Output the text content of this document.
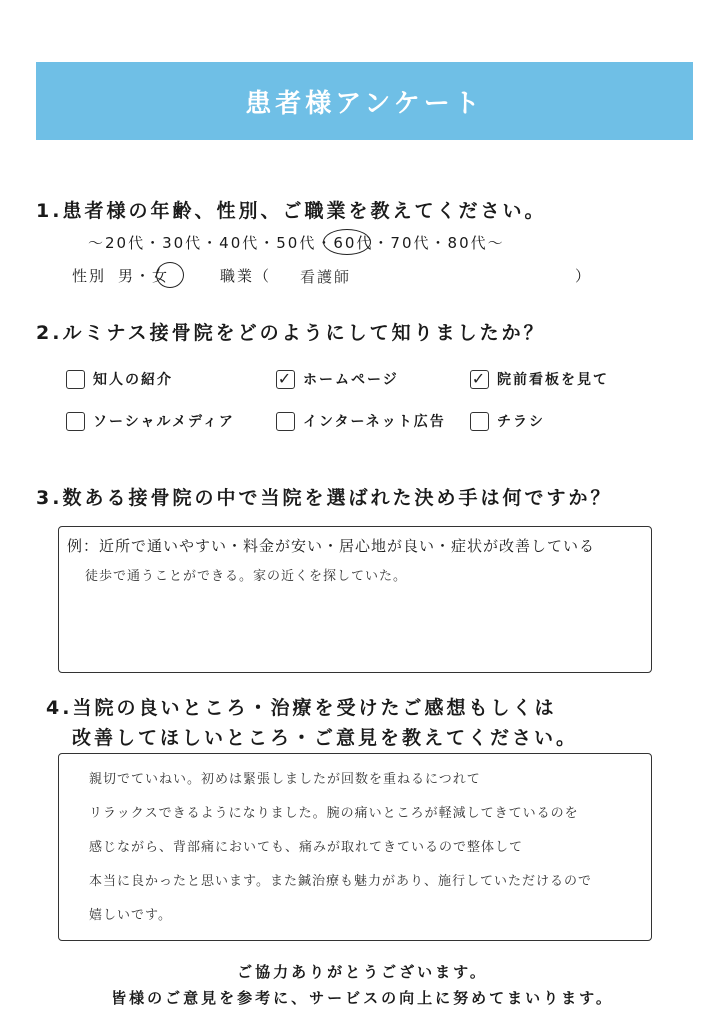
患者様アンケート
1.患者様の年齢、性別、ご職業を教えてください。
〜20代・30代・40代・50代・60代・70代・80代〜
性別 男・女	職業（ 看護師	）
2.ルミナス接骨院をどのようにして知りましたか？
知人の紹介	✓ ホームページ	✓ 院前看板を見て
ソーシャルメディア	インターネット広告	チラシ
3.数ある接骨院の中で当院を選ばれた決め手は何ですか？
例：近所で通いやすい・料金が安い・居心地が良い・症状が改善している
徒歩で通うことができる。家の近くを探していた。
4.当院の良いところ・治療を受けたご感想もしくは
改善してほしいところ・ご意見を教えてください。
親切でていねい。初めは緊張しましたが回数を重ねるにつれて
リラックスできるようになりました。腕の痛いところが軽減してきているのを
感じながら、背部痛においても、痛みが取れてきているので整体して
本当に良かったと思います。また鍼治療も魅力があり、施行していただけるので
嬉しいです。
ご協力ありがとうございます。
皆様のご意見を参考に、サービスの向上に努めてまいります。
